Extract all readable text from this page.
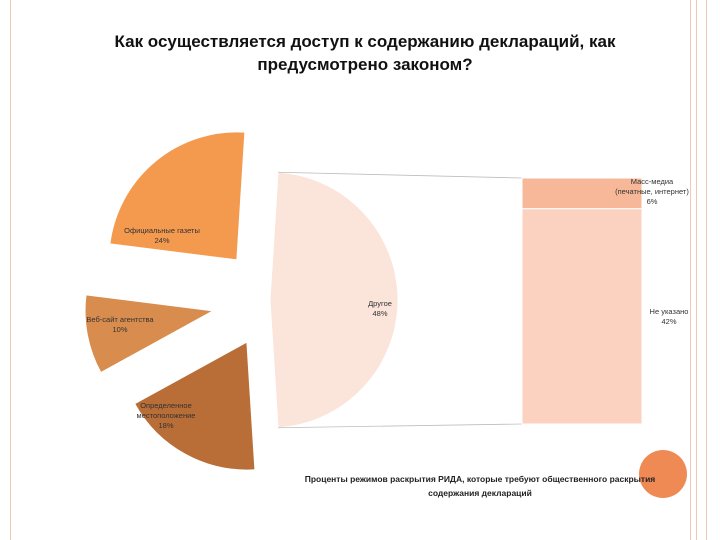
Как осуществляется доступ к содержанию деклараций, как
предусмотрено законом?
Официальные газеты 24%
Веб-сайт агентства 10%
Определенное местоположение 18%
Другое 48%
Масс-медиа (печатные, интернет) 6%
Не указано 42%
Проценты режимов раскрытия РИДА, которые требуют общественного раскрытия
содержания деклараций
